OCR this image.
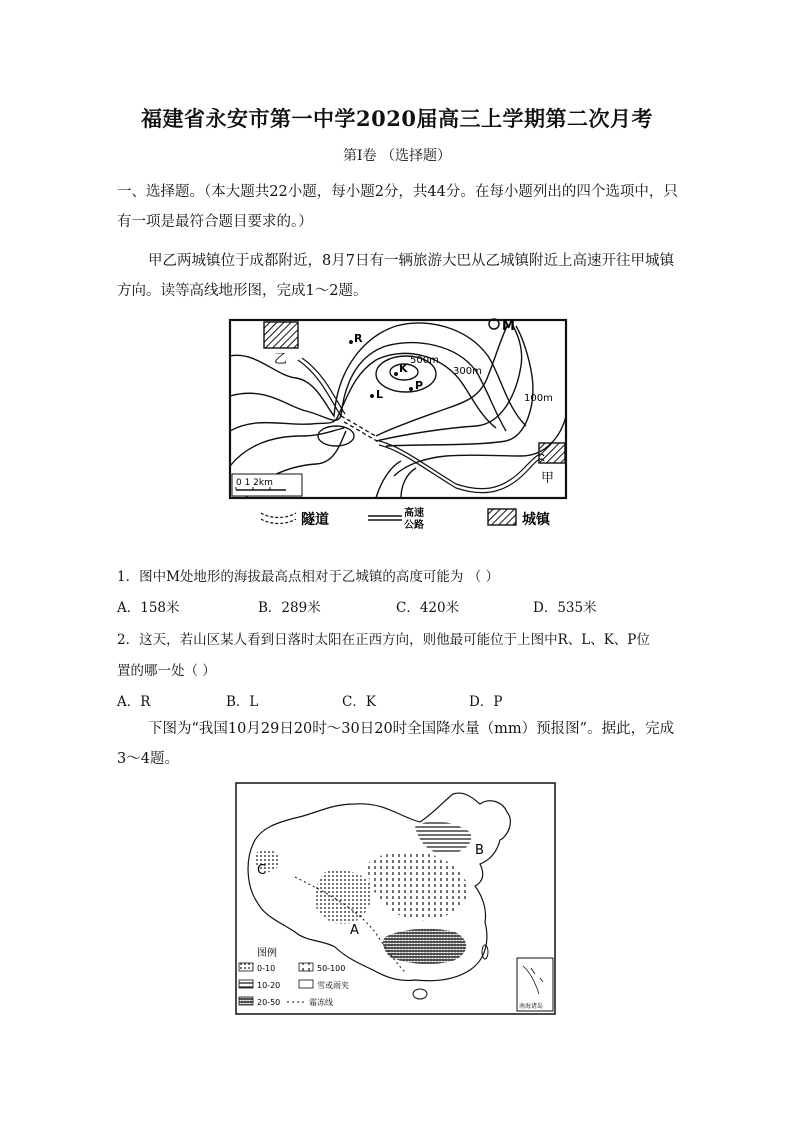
福建省永安市第一中学2020届高三上学期第二次月考
第Ⅰ卷 （选择题）
一、选择题。（本大题共22小题，每小题2分，共44分。在每小题列出的四个选项中，只有一项是最符合题目要求的。）
甲乙两城镇位于成都附近，8月7日有一辆旅游大巴从乙城镇附近上高速开往甲城镇方向。读等高线地形图，完成1～2题。
乙
甲
M
R
K
L
P
500m
300m
100m
0 1 2km
隧道	高速
公路	城镇
1．图中M处地形的海拔最高点相对于乙城镇的高度可能为 （ ）
A．158米	B．289米	C．420米	D．535米
2．这天，若山区某人看到日落时太阳在正西方向，则他最可能位于上图中R、L、K、P位
置的哪一处（ ）
A．R	B．L	C．K	D．P
下图为“我国10月29日20时～30日20时全国降水量（mm）预报图”。据此，完成3～4题。
A
B
C
图例
0-10	50-100
10-20	雪或雨夹
20-50	霜冻线	南海诸岛
